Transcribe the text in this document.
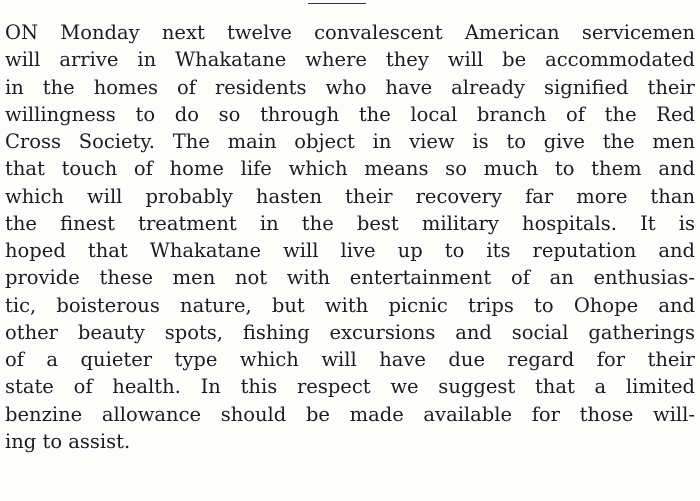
ON Monday next twelve convalescent American servicemen
will arrive in Whakatane where they will be accommodated
in the homes of residents who have already signified their
willingness to do so through the local branch of the Red
Cross Society. The main object in view is to give the men
that touch of home life which means so much to them and
which will probably hasten their recovery far more than
the finest treatment in the best military hospitals. It is
hoped that Whakatane will live up to its reputation and
provide these men not with entertainment of an enthusias-
tic, boisterous nature, but with picnic trips to Ohope and
other beauty spots, fishing excursions and social gatherings
of a quieter type which will have due regard for their
state of health. In this respect we suggest that a limited
benzine allowance should be made available for those will-
ing to assist.
